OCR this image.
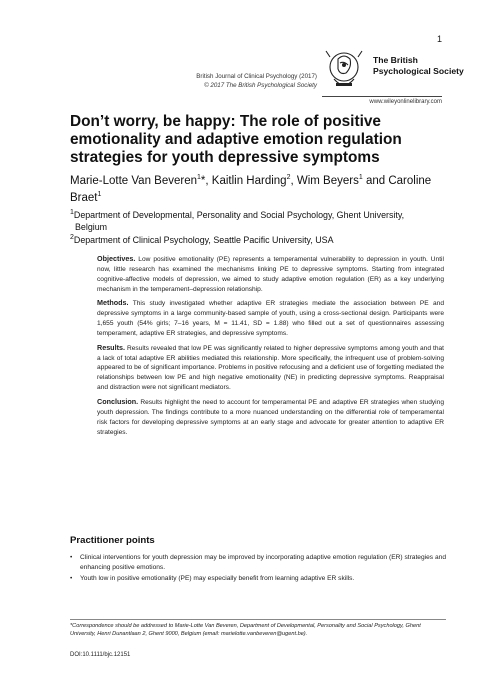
1
British Journal of Clinical Psychology (2017)
© 2017 The British Psychological Society
The British
Psychological Society
www.wileyonlinelibrary.com
Don’t worry, be happy: The role of positive emotionality and adaptive emotion regulation strategies for youth depressive symptoms
Marie-Lotte Van Beveren$^1$*, Kaitlin Harding$^2$, Wim Beyers$^1$ and Caroline Braet$^1$
$^1$Department of Developmental, Personality and Social Psychology, Ghent University,
Belgium
$^2$Department of Clinical Psychology, Seattle Pacific University, USA

Objectives. Low positive emotionality (PE) represents a temperamental vulnerability to depression in youth. Until now, little research has examined the mechanisms linking PE to depressive symptoms. Starting from integrated cognitive-affective models of depression, we aimed to study adaptive emotion regulation (ER) as a key underlying mechanism in the temperament–depression relationship.

Methods. This study investigated whether adaptive ER strategies mediate the association between PE and depressive symptoms in a large community-based sample of youth, using a cross-sectional design. Participants were 1,655 youth (54% girls; 7–16 years, M = 11.41, SD = 1.88) who filled out a set of questionnaires assessing temperament, adaptive ER strategies, and depressive symptoms.

Results. Results revealed that low PE was significantly related to higher depressive symptoms among youth and that a lack of total adaptive ER abilities mediated this relationship. More specifically, the infrequent use of problem-solving appeared to be of significant importance. Problems in positive refocusing and a deficient use of forgetting mediated the relationships between low PE and high negative emotionality (NE) in predicting depressive symptoms. Reappraisal and distraction were not significant mediators.

Conclusion. Results highlight the need to account for temperamental PE and adaptive ER strategies when studying youth depression. The findings contribute to a more nuanced understanding on the differential role of temperamental risk factors for developing depressive symptoms at an early stage and advocate for greater attention to adaptive ER strategies.

Practitioner points
• Clinical interventions for youth depression may be improved by incorporating adaptive emotion regulation (ER) strategies and enhancing positive emotions.
• Youth low in positive emotionality (PE) may especially benefit from learning adaptive ER skills.
*Correspondence should be addressed to Marie-Lotte Van Beveren, Department of Developmental, Personality and Social Psychology, Ghent University, Henri Dunantlaan 2, Ghent 9000, Belgium (email: marielotte.vanbeveren@ugent.be).
DOI:10.1111/bjc.12151
